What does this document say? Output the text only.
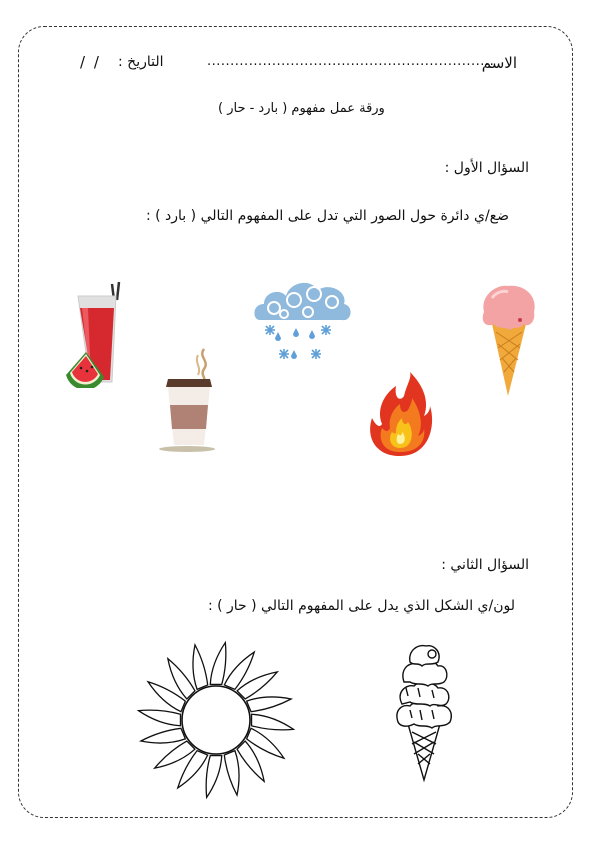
الاسم
..............................................................
التاريخ :
/ /
ورقة عمل مفهوم ( بارد - حار )
السؤال الأول :
ضع/ي دائرة حول الصور التي تدل على المفهوم التالي ( بارد ) :
السؤال الثاني :
لون/ي الشكل الذي يدل على المفهوم التالي ( حار ) :
